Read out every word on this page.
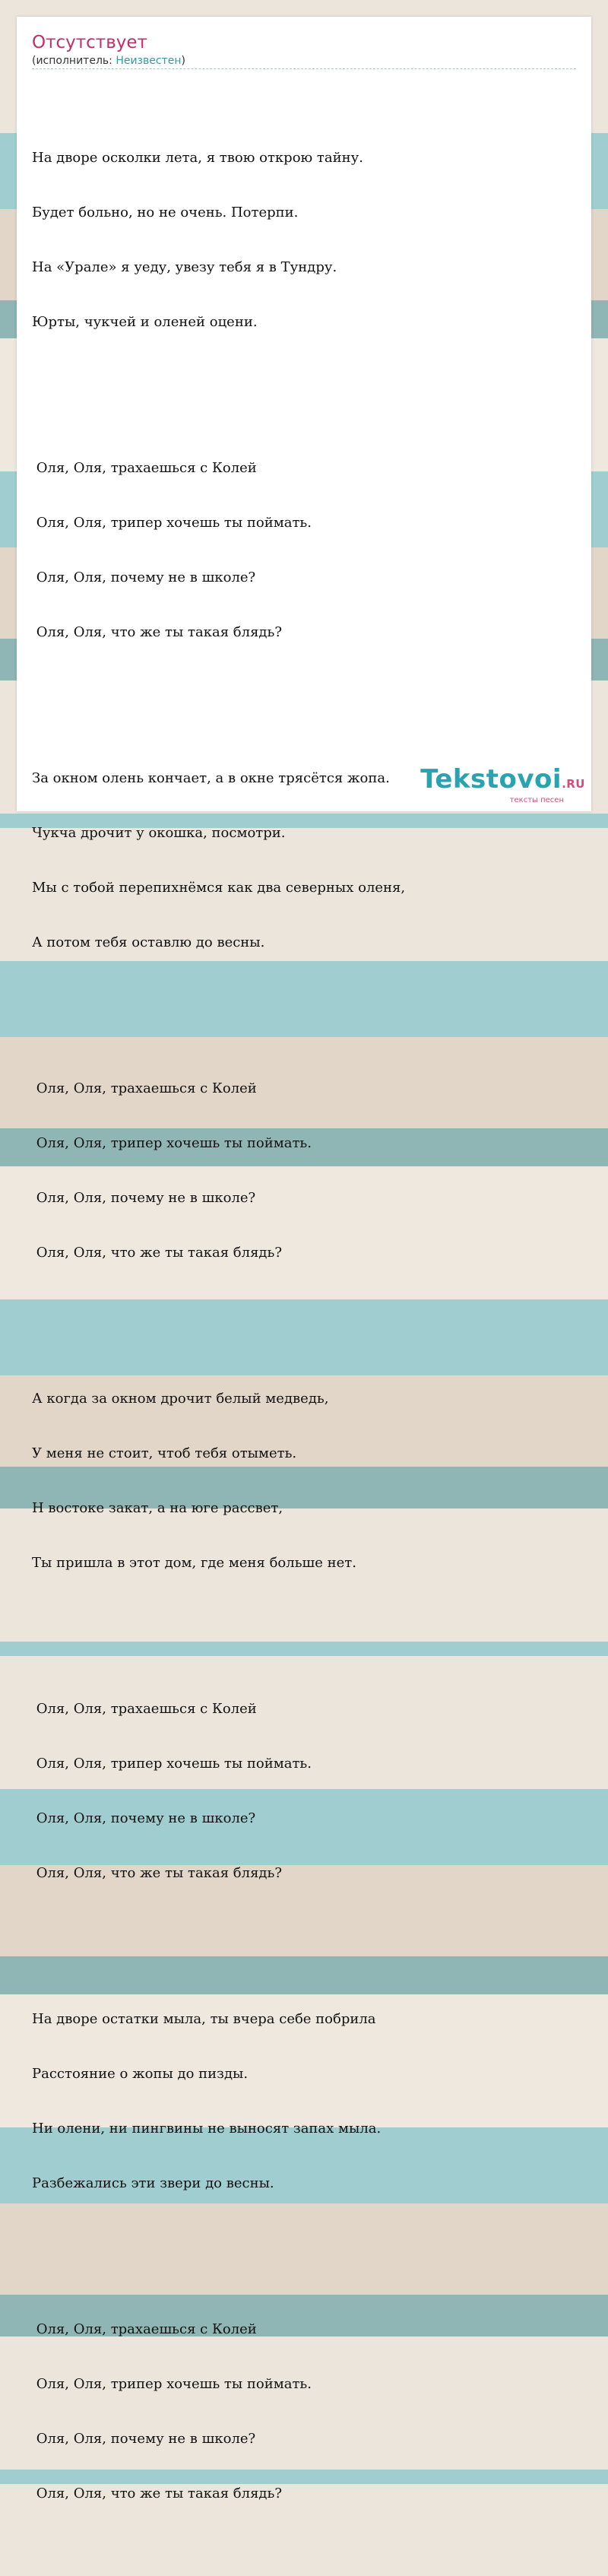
Отсутствует
(исполнитель: Неизвестен)

На дворе осколки лета, я твою открою тайну.

Будет больно, но не очень. Потерпи.

На «Урале» я уеду, увезу тебя я в Тундру.

Юрты, чукчей и оленей оцени.

Оля, Оля, трахаешься с Колей

Оля, Оля, трипер хочешь ты поймать.

Оля, Оля, почему не в школе?

Оля, Оля, что же ты такая блядь?

За окном олень кончает, а в окне трясётся жопа.

Чукча дрочит у окошка, посмотри.

Мы с тобой перепихнёмся как два северных оленя,

А потом тебя оставлю до весны.

Оля, Оля, трахаешься с Колей

Оля, Оля, трипер хочешь ты поймать.

Оля, Оля, почему не в школе?

Оля, Оля, что же ты такая блядь?

А когда за окном дрочит белый медведь,

У меня не стоит, чтоб тебя отыметь.

Н востоке закат, а на юге рассвет,

Ты пришла в этот дом, где меня больше нет.

Оля, Оля, трахаешься с Колей

Оля, Оля, трипер хочешь ты поймать.

Оля, Оля, почему не в школе?

Оля, Оля, что же ты такая блядь?

На дворе остатки мыла, ты вчера себе побрила

Расстояние о жопы до пизды.

Ни олени, ни пингвины не выносят запах мыла.

Разбежались эти звери до весны.

Оля, Оля, трахаешься с Колей

Оля, Оля, трипер хочешь ты поймать.

Оля, Оля, почему не в школе?

Оля, Оля, что же ты такая блядь?

Tekstovoi.RU
тексты песен
